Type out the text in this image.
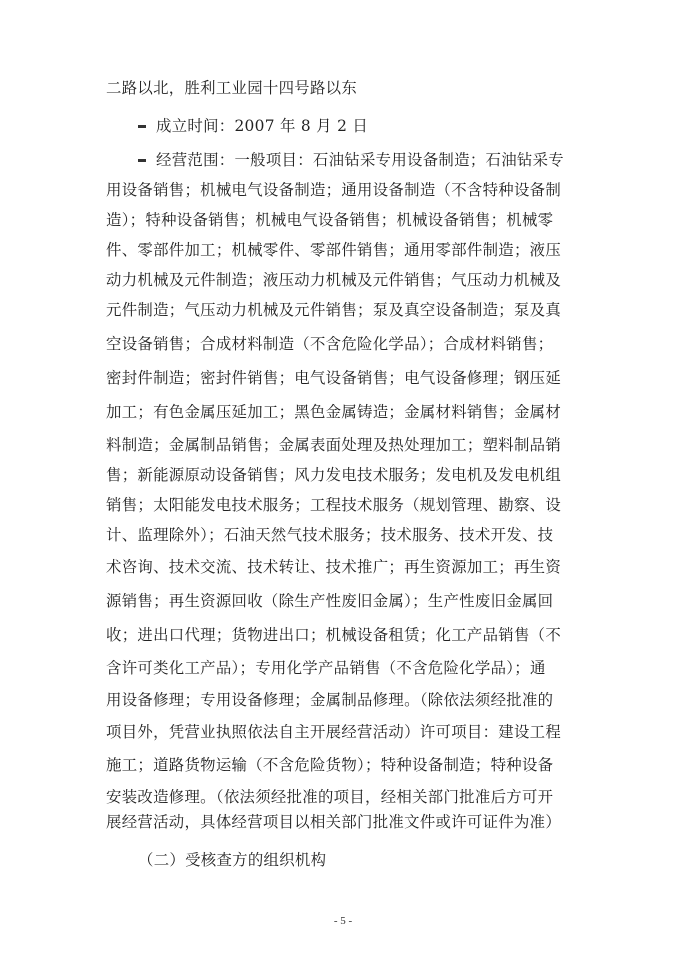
二路以北，胜利工业园十四号路以东
成立时间：2007 年 8 月 2 日
经营范围：一般项目：石油钻采专用设备制造；石油钻采专
用设备销售；机械电气设备制造；通用设备制造（不含特种设备制
造）；特种设备销售；机械电气设备销售；机械设备销售；机械零
件、零部件加工；机械零件、零部件销售；通用零部件制造；液压
动力机械及元件制造；液压动力机械及元件销售；气压动力机械及
元件制造；气压动力机械及元件销售；泵及真空设备制造；泵及真
空设备销售；合成材料制造（不含危险化学品）；合成材料销售；
密封件制造；密封件销售；电气设备销售；电气设备修理；钢压延
加工；有色金属压延加工；黑色金属铸造；金属材料销售；金属材
料制造；金属制品销售；金属表面处理及热处理加工；塑料制品销
售；新能源原动设备销售；风力发电技术服务；发电机及发电机组
销售；太阳能发电技术服务；工程技术服务（规划管理、勘察、设
计、监理除外）；石油天然气技术服务；技术服务、技术开发、技
术咨询、技术交流、技术转让、技术推广；再生资源加工；再生资
源销售；再生资源回收（除生产性废旧金属）；生产性废旧金属回
收；进出口代理；货物进出口；机械设备租赁；化工产品销售（不
含许可类化工产品）；专用化学产品销售（不含危险化学品）；通
用设备修理；专用设备修理；金属制品修理。（除依法须经批准的
项目外，凭营业执照依法自主开展经营活动）许可项目：建设工程
施工；道路货物运输（不含危险货物）；特种设备制造；特种设备
安装改造修理。（依法须经批准的项目，经相关部门批准后方可开
展经营活动，具体经营项目以相关部门批准文件或许可证件为准）
（二）受核查方的组织机构
- 5 -
